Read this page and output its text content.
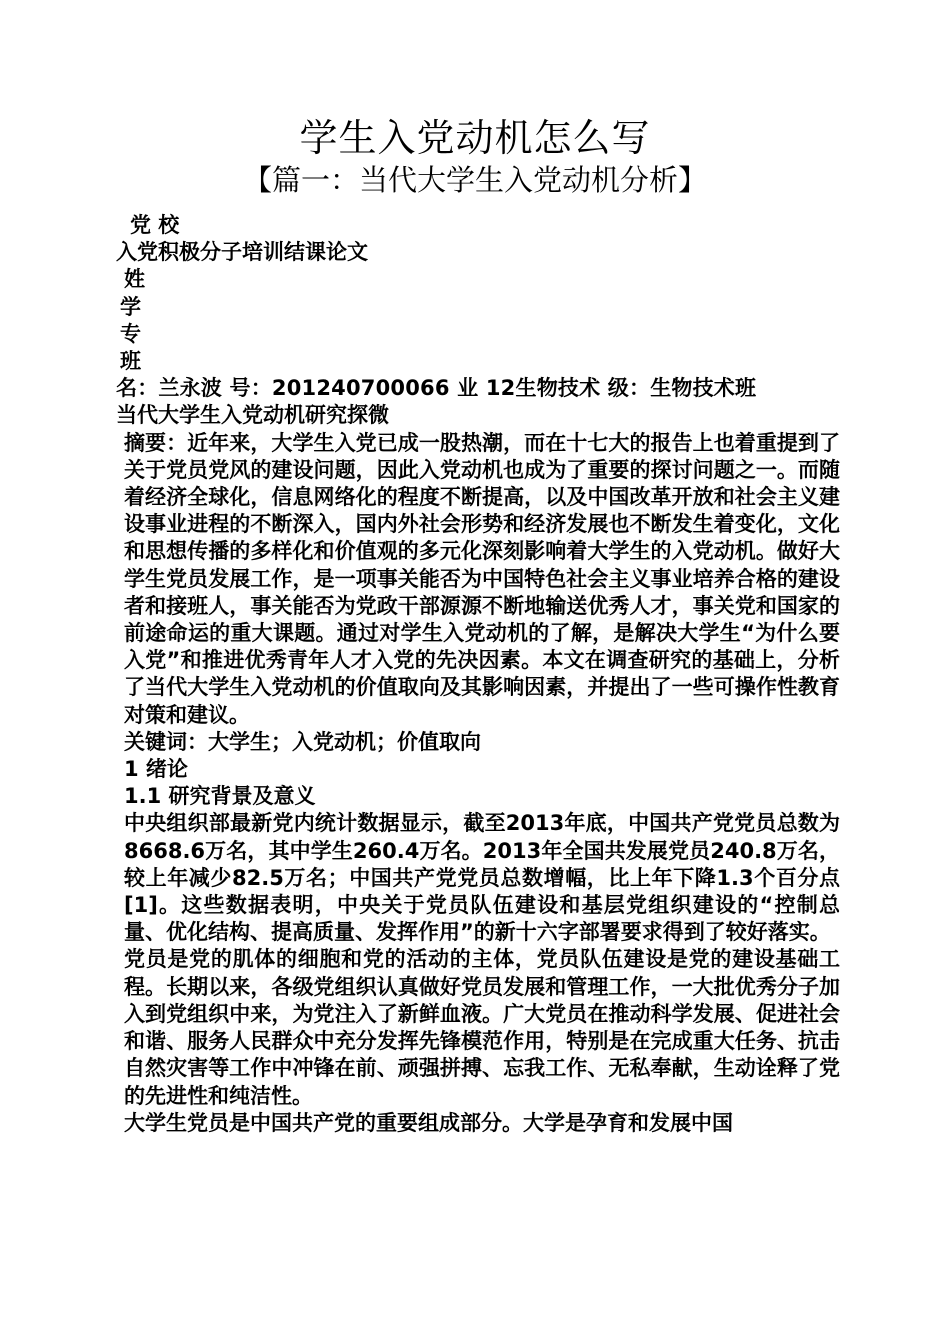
学生入党动机怎么写
【篇一：当代大学生入党动机分析】

党 校

入党积极分子培训结课论文

姓

学

专

班

名：兰永波 号：201240700066 业 12生物技术 级：生物技术班

当代大学生入党动机研究探微

摘要：近年来，大学生入党已成一股热潮，而在十七大的报告上也着重提到了关于党员党风的建设问题，因此入党动机也成为了重要的探讨问题之一。而随着经济全球化，信息网络化的程度不断提高，以及中国改革开放和社会主义建设事业进程的不断深入，国内外社会形势和经济发展也不断发生着变化，文化和思想传播的多样化和价值观的多元化深刻影响着大学生的入党动机。做好大学生党员发展工作，是一项事关能否为中国特色社会主义事业培养合格的建设者和接班人，事关能否为党政干部源源不断地输送优秀人才，事关党和国家的前途命运的重大课题。通过对学生入党动机的了解，是解决大学生“为什么要入党”和推进优秀青年人才入党的先决因素。本文在调查研究的基础上，分析了当代大学生入党动机的价值取向及其影响因素，并提出了一些可操作性教育对策和建议。

关键词：大学生；入党动机；价值取向

1 绪论

1.1 研究背景及意义

中央组织部最新党内统计数据显示，截至2013年底，中国共产党党员总数为8668.6万名，其中学生260.4万名。2013年全国共发展党员240.8万名，较上年减少82.5万名；中国共产党党员总数增幅，比上年下降1.3个百分点[1]。这些数据表明，中央关于党员队伍建设和基层党组织建设的“控制总量、优化结构、提高质量、发挥作用”的新十六字部署要求得到了较好落实。

党员是党的肌体的细胞和党的活动的主体，党员队伍建设是党的建设基础工程。长期以来，各级党组织认真做好党员发展和管理工作，一大批优秀分子加入到党组织中来，为党注入了新鲜血液。广大党员在推动科学发展、促进社会和谐、服务人民群众中充分发挥先锋模范作用，特别是在完成重大任务、抗击自然灾害等工作中冲锋在前、顽强拼搏、忘我工作、无私奉献，生动诠释了党的先进性和纯洁性。

大学生党员是中国共产党的重要组成部分。大学是孕育和发展中国
